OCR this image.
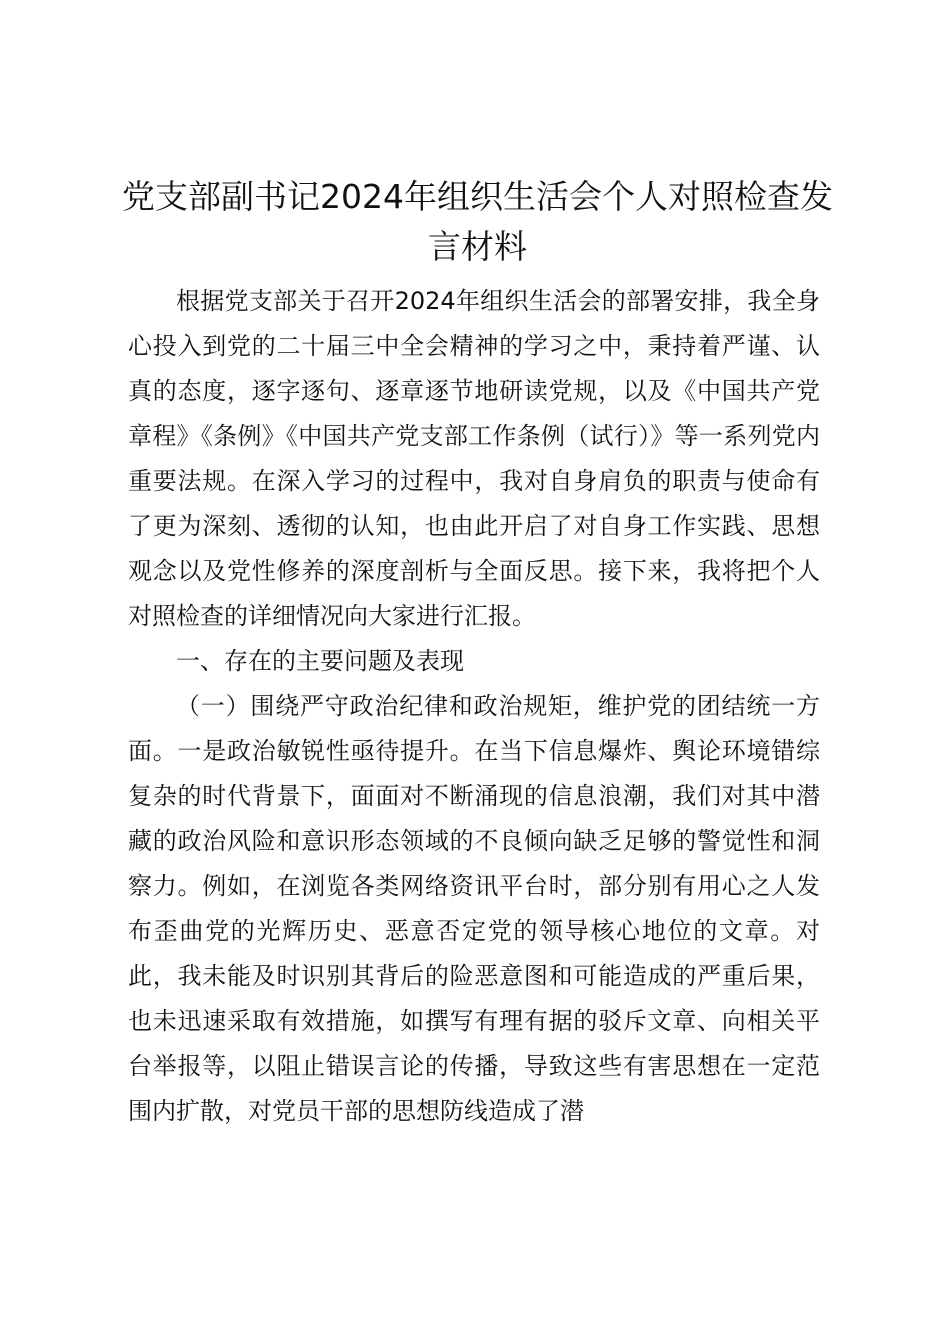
党支部副书记2024年组织生活会个人对照检查发言材料

根据党支部关于召开2024年组织生活会的部署安排，我全身心投入到党的二十届三中全会精神的学习之中，秉持着严谨、认真的态度，逐字逐句、逐章逐节地研读党规，以及《中国共产党章程》《条例》《中国共产党支部工作条例（试行）》等一系列党内重要法规。在深入学习的过程中，我对自身肩负的职责与使命有了更为深刻、透彻的认知，也由此开启了对自身工作实践、思想观念以及党性修养的深度剖析与全面反思。接下来，我将把个人对照检查的详细情况向大家进行汇报。

一、存在的主要问题及表现

（一）围绕严守政治纪律和政治规矩，维护党的团结统一方面。一是政治敏锐性亟待提升。在当下信息爆炸、舆论环境错综复杂的时代背景下，面面对不断涌现的信息浪潮，我们对其中潜藏的政治风险和意识形态领域的不良倾向缺乏足够的警觉性和洞察力。例如，在浏览各类网络资讯平台时，部分别有用心之人发布歪曲党的光辉历史、恶意否定党的领导核心地位的文章。对此，我未能及时识别其背后的险恶意图和可能造成的严重后果，也未迅速采取有效措施，如撰写有理有据的驳斥文章、向相关平台举报等，以阻止错误言论的传播，导致这些有害思想在一定范围内扩散，对党员干部的思想防线造成了潜
